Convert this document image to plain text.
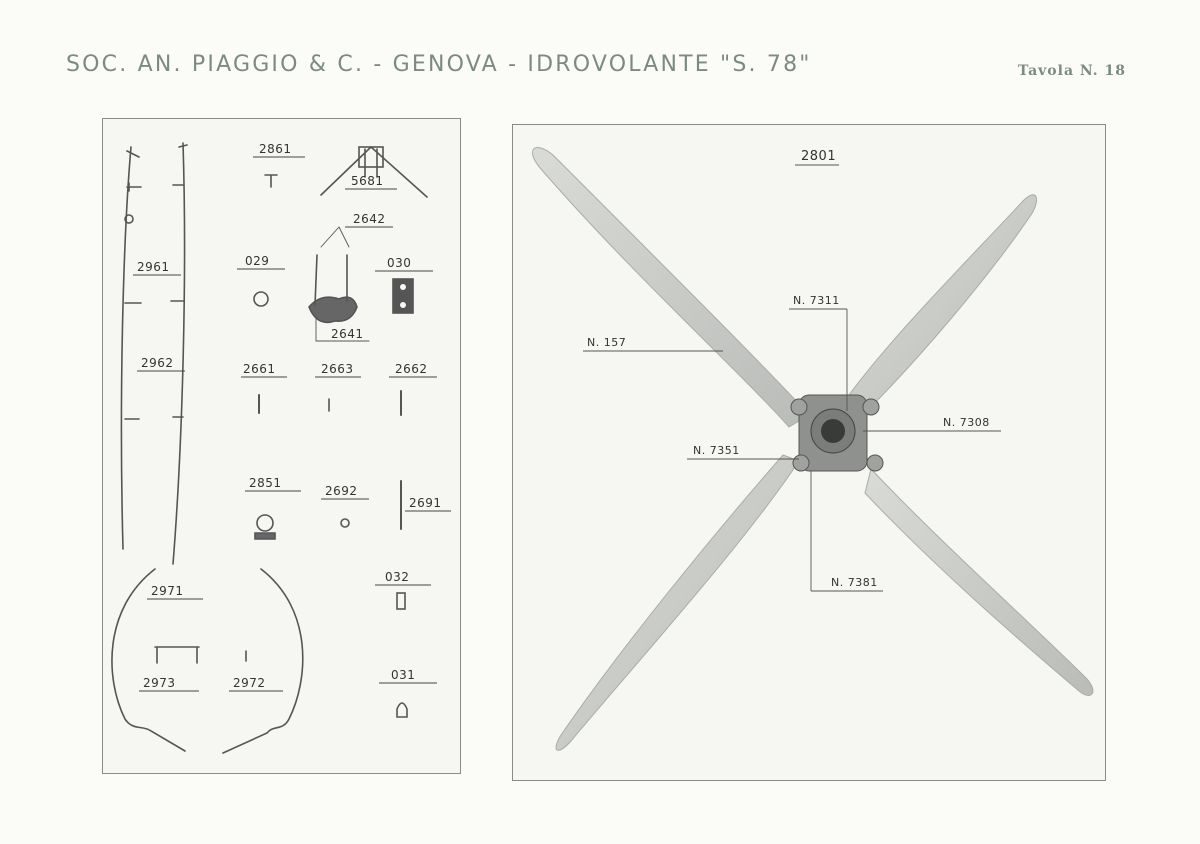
SOC. AN. PIAGGIO & C. - GENOVA - IDROVOLANTE "S. 78"	Tavola N. 18
2861
5681
2642
2961	029	030
2641
2962	2661	2663	2662
2851
2692
2691
2971
032
2973	2972
031
2801
N. 7311
N. 157
N. 7308
N. 7351
N. 7381
